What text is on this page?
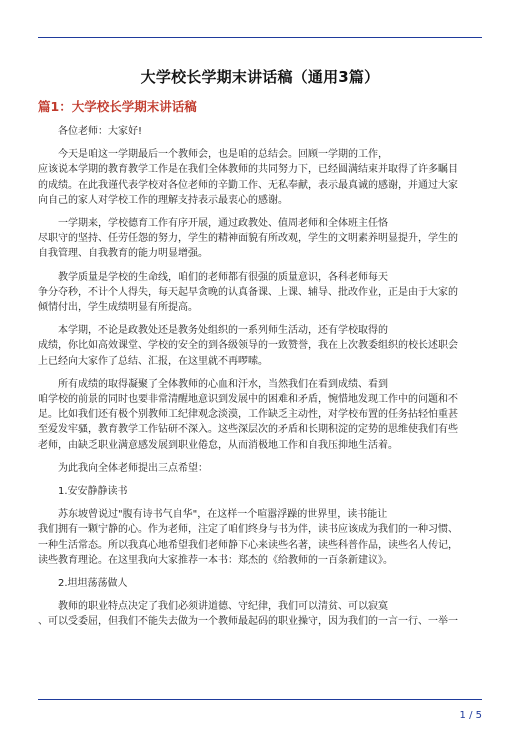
大学校长学期末讲话稿（通用3篇）
篇1：大学校长学期末讲话稿

各位老师：大家好!

今天是咱这一学期最后一个教师会，也是咱的总结会。回顾一学期的工作，
应该说本学期的教育教学工作是在我们全体教师的共同努力下，已经圆满结束并取得了许多瞩目
的成绩。在此我谨代表学校对各位老师的辛勤工作、无私奉献，表示最真诚的感谢，并通过大家
向自己的家人对学校工作的理解支持表示最衷心的感谢。

一学期来，学校德育工作有序开展，通过政教处、值周老师和全体班主任恪
尽职守的坚持、任劳任怨的努力，学生的精神面貌有所改观，学生的文明素养明显提升，学生的
自我管理、自我教育的能力明显增强。

教学质量是学校的生命线，咱们的老师都有很强的质量意识，各科老师每天
争分夺秒，不计个人得失，每天起早贪晚的认真备课、上课、辅导、批改作业，正是由于大家的
倾情付出，学生成绩明显有所提高。

本学期，不论是政教处还是教务处组织的一系列师生活动，还有学校取得的
成绩，你比如高效课堂、学校的安全的到各级领导的一致赞誉，我在上次教委组织的校长述职会
上已经向大家作了总结、汇报，在这里就不再啰嗦。

所有成绩的取得凝聚了全体教师的心血和汗水，当然我们在看到成绩、看到
咱学校的前景的同时也要非常清醒地意识到发展中的困难和矛盾，惋惜地发现工作中的问题和不
足。比如我们还有极个别教师工纪律观念淡漠，工作缺乏主动性，对学校布置的任务拈轻怕重甚
至爱发牢骚，教育教学工作钻研不深入。这些深层次的矛盾和长期积淀的定势的思维使我们有些
老师，由缺乏职业满意感发展到职业倦怠，从而消极地工作和自我压抑地生活着。

为此我向全体老师提出三点希望：

1.安安静静读书

苏东坡曾说过"腹有诗书气自华"，在这样一个喧嚣浮躁的世界里，读书能让
我们拥有一颗宁静的心。作为老师，注定了咱们终身与书为伴，读书应该成为我们的一种习惯、
一种生活常态。所以我真心地希望我们老师静下心来读些名著，读些科普作品，读些名人传记，
读些教育理论。在这里我向大家推荐一本书：郑杰的《给教师的一百条新建议》。

2.坦坦荡荡做人

教师的职业特点决定了我们必须讲道德、守纪律，我们可以清贫、可以寂寞
、可以受委屈，但我们不能失去做为一个教师最起码的职业操守，因为我们的一言一行、一举一

1 / 5
